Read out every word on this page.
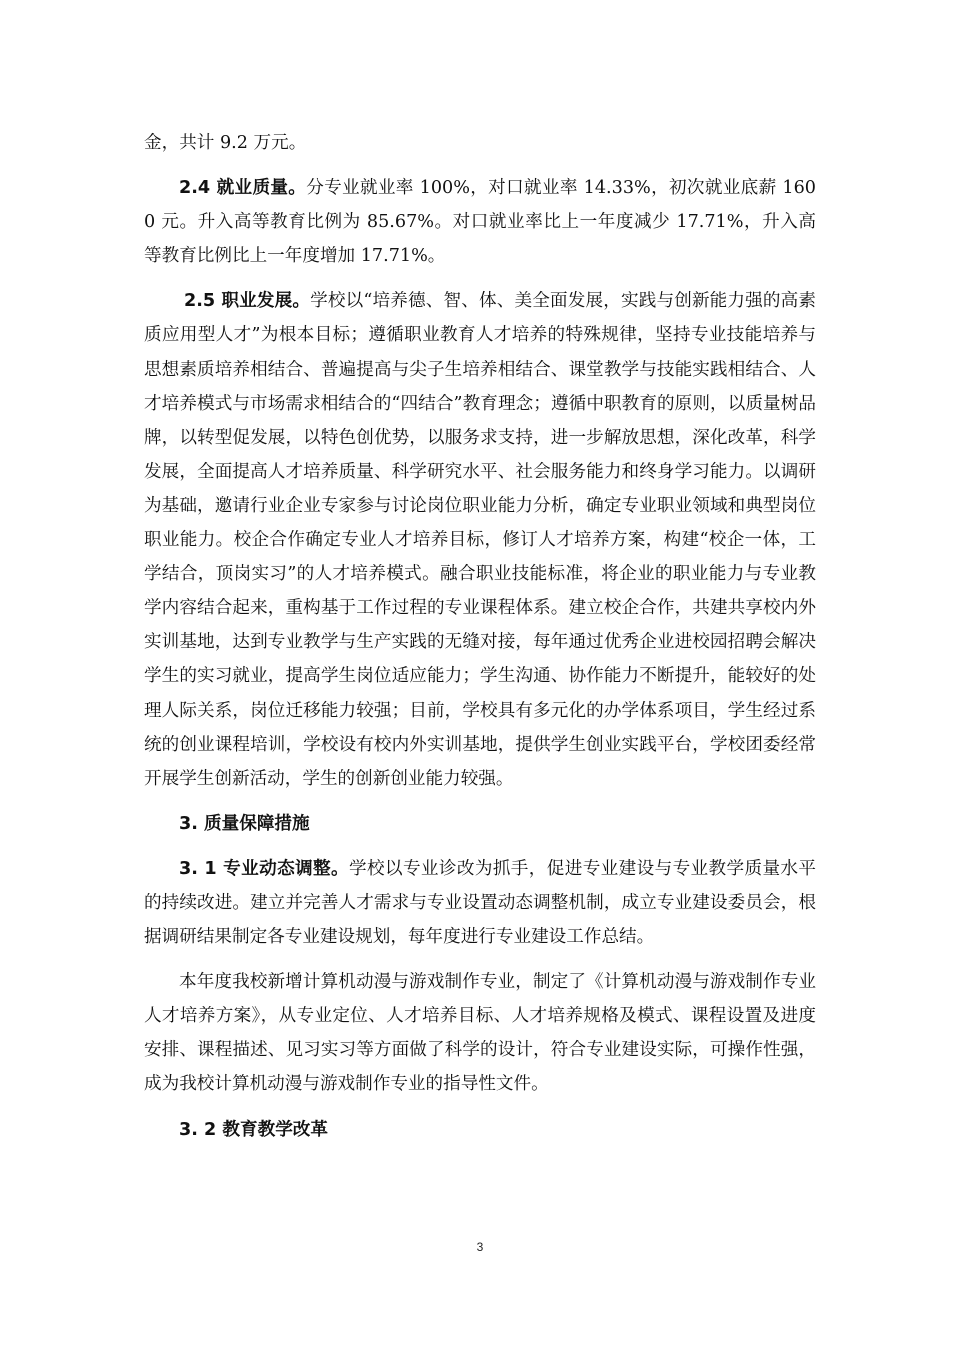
金，共计 9.2 万元。

2.4 就业质量。分专业就业率 100%，对口就业率 14.33%，初次就业底薪 1600 元。升入高等教育比例为 85.67%。对口就业率比上一年度减少 17.71%，升入高等教育比例比上一年度增加 17.71%。

2.5 职业发展。学校以“培养德、智、体、美全面发展，实践与创新能力强的高素质应用型人才”为根本目标；遵循职业教育人才培养的特殊规律，坚持专业技能培养与思想素质培养相结合、普遍提高与尖子生培养相结合、课堂教学与技能实践相结合、人才培养模式与市场需求相结合的“四结合”教育理念；遵循中职教育的原则，以质量树品牌，以转型促发展，以特色创优势，以服务求支持，进一步解放思想，深化改革，科学发展，全面提高人才培养质量、科学研究水平、社会服务能力和终身学习能力。以调研为基础，邀请行业企业专家参与讨论岗位职业能力分析，确定专业职业领域和典型岗位职业能力。校企合作确定专业人才培养目标，修订人才培养方案，构建“校企一体，工学结合，顶岗实习”的人才培养模式。融合职业技能标准，将企业的职业能力与专业教学内容结合起来，重构基于工作过程的专业课程体系。建立校企合作，共建共享校内外实训基地，达到专业教学与生产实践的无缝对接，每年通过优秀企业进校园招聘会解决学生的实习就业，提高学生岗位适应能力；学生沟通、协作能力不断提升，能较好的处理人际关系，岗位迁移能力较强；目前，学校具有多元化的办学体系项目，学生经过系统的创业课程培训，学校设有校内外实训基地，提供学生创业实践平台，学校团委经常开展学生创新活动，学生的创新创业能力较强。

3. 质量保障措施

3. 1 专业动态调整。学校以专业诊改为抓手，促进专业建设与专业教学质量水平的持续改进。建立并完善人才需求与专业设置动态调整机制，成立专业建设委员会，根据调研结果制定各专业建设规划，每年度进行专业建设工作总结。

本年度我校新增计算机动漫与游戏制作专业，制定了《计算机动漫与游戏制作专业人才培养方案》，从专业定位、人才培养目标、人才培养规格及模式、课程设置及进度安排、课程描述、见习实习等方面做了科学的设计，符合专业建设实际，可操作性强，成为我校计算机动漫与游戏制作专业的指导性文件。

3. 2 教育教学改革

3
